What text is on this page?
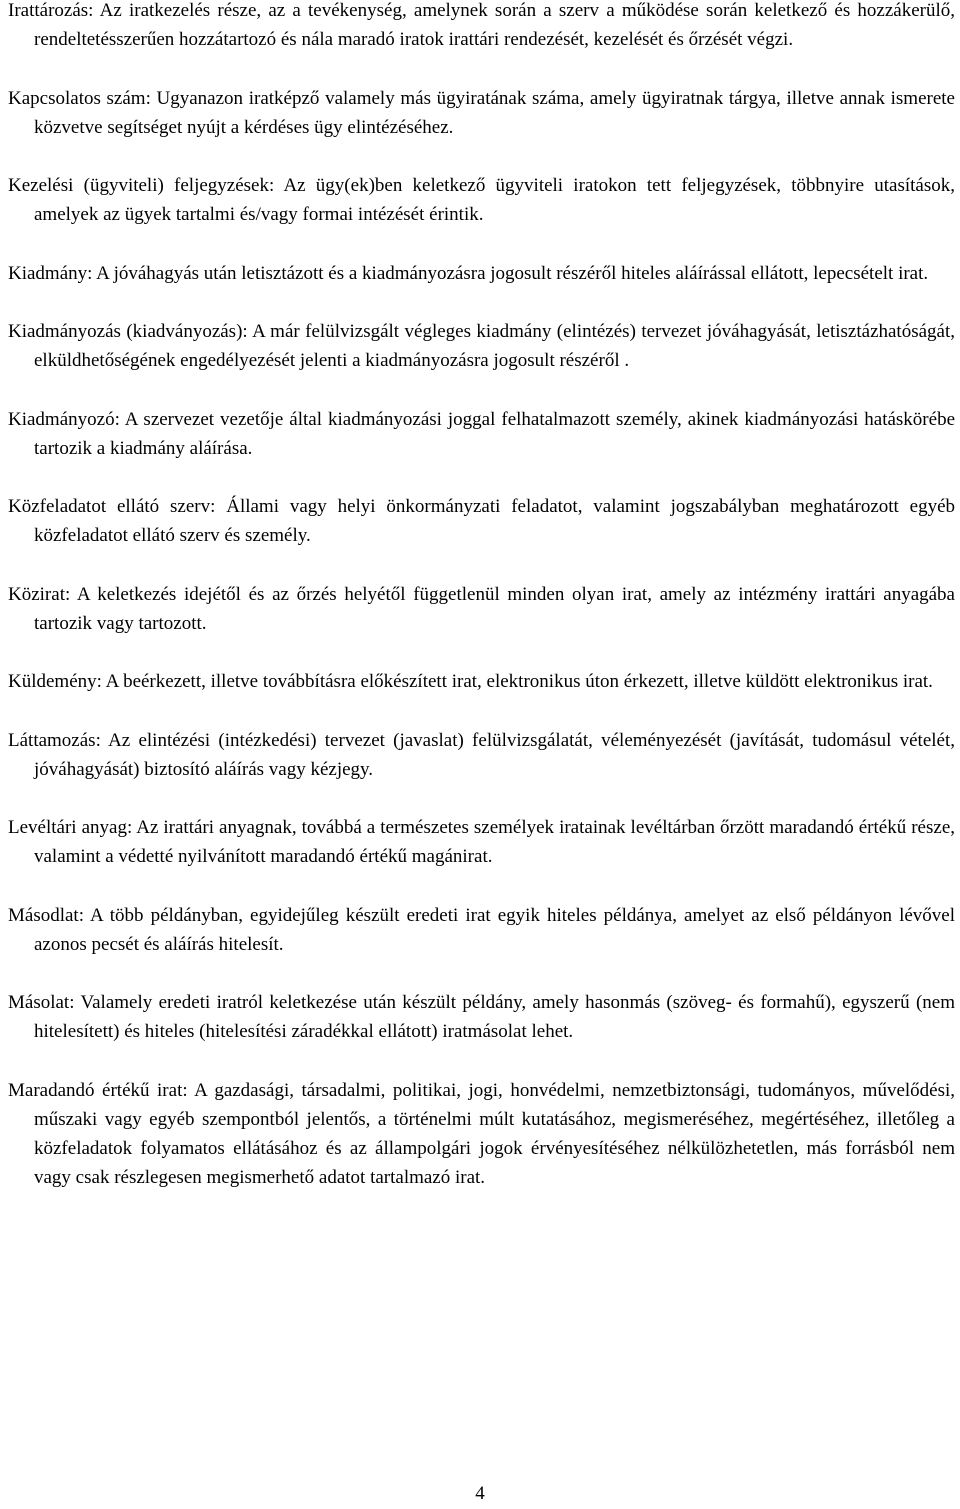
Irattározás: Az iratkezelés része, az a tevékenység, amelynek során a szerv a működése során keletkező és hozzákerülő, rendeltetésszerűen hozzátartozó és nála maradó iratok irattári rendezését, kezelését és őrzését végzi.

Kapcsolatos szám: Ugyanazon iratképző valamely más ügyiratának száma, amely ügyiratnak tárgya, illetve annak ismerete közvetve segítséget nyújt a kérdéses ügy elintézéséhez.

Kezelési (ügyviteli) feljegyzések: Az ügy(ek)ben keletkező ügyviteli iratokon tett feljegyzések, többnyire utasítások, amelyek az ügyek tartalmi és/vagy formai intézését érintik.

Kiadmány: A jóváhagyás után letisztázott és a kiadmányozásra jogosult részéről hiteles aláírással ellátott, lepecsételt irat.

Kiadmányozás (kiadványozás): A már felülvizsgált végleges kiadmány (elintézés) tervezet jóváhagyását, letisztázhatóságát, elküldhetőségének engedélyezését jelenti a kiadmányozásra jogosult részéről .

Kiadmányozó: A szervezet vezetője által kiadmányozási joggal felhatalmazott személy, akinek kiadmányozási hatáskörébe tartozik a kiadmány aláírása.

Közfeladatot ellátó szerv: Állami vagy helyi önkormányzati feladatot, valamint jogszabályban meghatározott egyéb közfeladatot ellátó szerv és személy.

Közirat: A keletkezés idejétől és az őrzés helyétől függetlenül minden olyan irat, amely az intézmény irattári anyagába tartozik vagy tartozott.

Küldemény: A beérkezett, illetve továbbításra előkészített irat, elektronikus úton érkezett, illetve küldött elektronikus irat.

Láttamozás: Az elintézési (intézkedési) tervezet (javaslat) felülvizsgálatát, véleményezését (javítását, tudomásul vételét, jóváhagyását) biztosító aláírás vagy kézjegy.

Levéltári anyag: Az irattári anyagnak, továbbá a természetes személyek iratainak levéltárban őrzött maradandó értékű része, valamint a védetté nyilvánított maradandó értékű magánirat.

Másodlat: A több példányban, egyidejűleg készült eredeti irat egyik hiteles példánya, amelyet az első példányon lévővel azonos pecsét és aláírás hitelesít.

Másolat: Valamely eredeti iratról keletkezése után készült példány, amely hasonmás (szöveg- és formahű), egyszerű (nem hitelesített) és hiteles (hitelesítési záradékkal ellátott) iratmásolat lehet.

Maradandó értékű irat: A gazdasági, társadalmi, politikai, jogi, honvédelmi, nemzetbiztonsági, tudományos, művelődési, műszaki vagy egyéb szempontból jelentős, a történelmi múlt kutatásához, megismeréséhez, megértéséhez, illetőleg a közfeladatok folyamatos ellátásához és az állampolgári jogok érvényesítéséhez nélkülözhetetlen, más forrásból nem vagy csak részlegesen megismerhető adatot tartalmazó irat.

4
